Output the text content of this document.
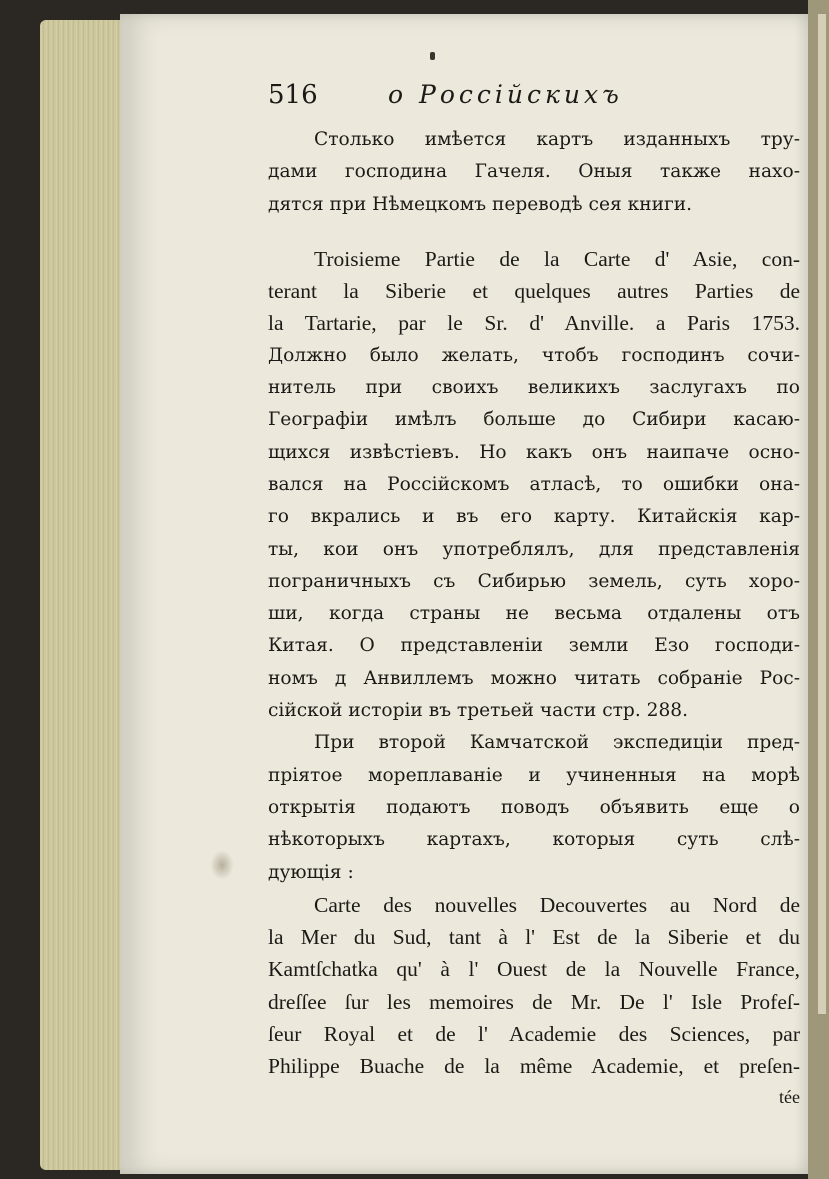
516	о Россійскихъ
Столько имѣется картъ изданныхъ тру-
дами господина Гачеля. Оныя также нахо-
дятся при Нѣмецкомъ переводѣ сея книги.
Troisieme Partie de la Carte d' Asie, con-
terant la Siberie et quelques autres Parties de
la Tartarie, par le Sr. d' Anville. a Paris 1753.
Должно было желать, чтобъ господинъ сочи-
нитель при своихъ великихъ заслугахъ по
Географіи имѣлъ больше до Сибири касаю-
щихся извѣстіевъ. Но какъ онъ наипаче осно-
вался на Россійскомъ атласѣ, то ошибки она-
го вкрались и въ его карту. Китайскія кар-
ты, кои онъ употреблялъ, для представленія
пограничныхъ съ Сибирью земель, суть хоро-
ши, когда страны не весьма отдалены отъ
Китая. О представленіи земли Езо господи-
номъ д Анвиллемъ можно читать собраніе Рос-
сійской исторіи въ третьей части стр. 288.
При второй Камчатской экспедиціи пред-
пріятое мореплаваніе и учиненныя на морѣ
открытія подаютъ поводъ объявить еще о
нѣкоторыхъ картахъ, которыя суть слѣ-
дующія :
Carte des nouvelles Decouvertes au Nord de
la Mer du Sud, tant à l' Est de la Siberie et du
Kamtſchatka qu' à l' Ouest de la Nouvelle France,
dreſſee ſur les memoires de Mr. De l' Isle Profeſ-
ſeur Royal et de l' Academie des Sciences, par
Philippe Buache de la même Academie, et preſen-
tée
